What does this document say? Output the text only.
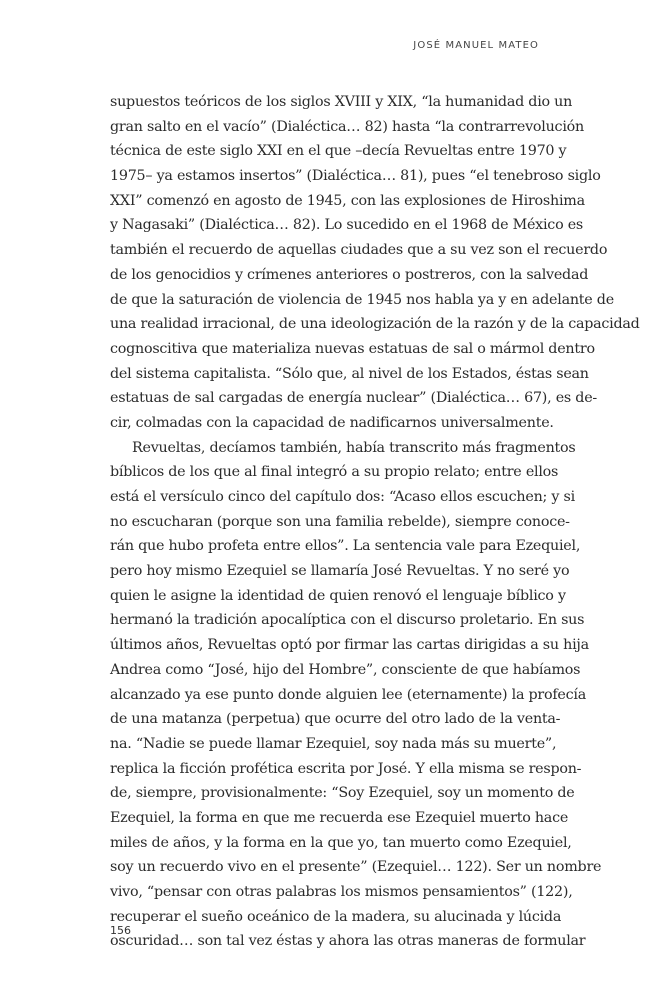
JOSÉ MANUEL MATEO
supuestos teóricos de los siglos XVIII y XIX, “la humanidad dio un
gran salto en el vacío” (Dialéctica… 82) hasta “la contrarrevolución
técnica de este siglo XXI en el que –decía Revueltas entre 1970 y
1975– ya estamos insertos” (Dialéctica… 81), pues “el tenebroso siglo
XXI” comenzó en agosto de 1945, con las explosiones de Hiroshima
y Nagasaki” (Dialéctica… 82). Lo sucedido en el 1968 de México es
también el recuerdo de aquellas ciudades que a su vez son el recuerdo
de los genocidios y crímenes anteriores o postreros, con la salvedad
de que la saturación de violencia de 1945 nos habla ya y en adelante de
una realidad irracional, de una ideologización de la razón y de la capacidad
cognoscitiva que materializa nuevas estatuas de sal o mármol dentro
del sistema capitalista. “Sólo que, al nivel de los Estados, éstas sean
estatuas de sal cargadas de energía nuclear” (Dialéctica… 67), es de-
cir, colmadas con la capacidad de nadificarnos universalmente.
Revueltas, decíamos también, había transcrito más fragmentos
bíblicos de los que al final integró a su propio relato; entre ellos
está el versículo cinco del capítulo dos: “Acaso ellos escuchen; y si
no escucharan (porque son una familia rebelde), siempre conoce-
rán que hubo profeta entre ellos”. La sentencia vale para Ezequiel,
pero hoy mismo Ezequiel se llamaría José Revueltas. Y no seré yo
quien le asigne la identidad de quien renovó el lenguaje bíblico y
hermanó la tradición apocalíptica con el discurso proletario. En sus
últimos años, Revueltas optó por firmar las cartas dirigidas a su hija
Andrea como “José, hijo del Hombre”, consciente de que habíamos
alcanzado ya ese punto donde alguien lee (eternamente) la profecía
de una matanza (perpetua) que ocurre del otro lado de la venta-
na. “Nadie se puede llamar Ezequiel, soy nada más su muerte”,
replica la ficción profética escrita por José. Y ella misma se respon-
de, siempre, provisionalmente: “Soy Ezequiel, soy un momento de
Ezequiel, la forma en que me recuerda ese Ezequiel muerto hace
miles de años, y la forma en la que yo, tan muerto como Ezequiel,
soy un recuerdo vivo en el presente” (Ezequiel… 122). Ser un nombre
vivo, “pensar con otras palabras los mismos pensamientos” (122),
recuperar el sueño oceánico de la madera, su alucinada y lúcida
oscuridad… son tal vez éstas y ahora las otras maneras de formular
156
